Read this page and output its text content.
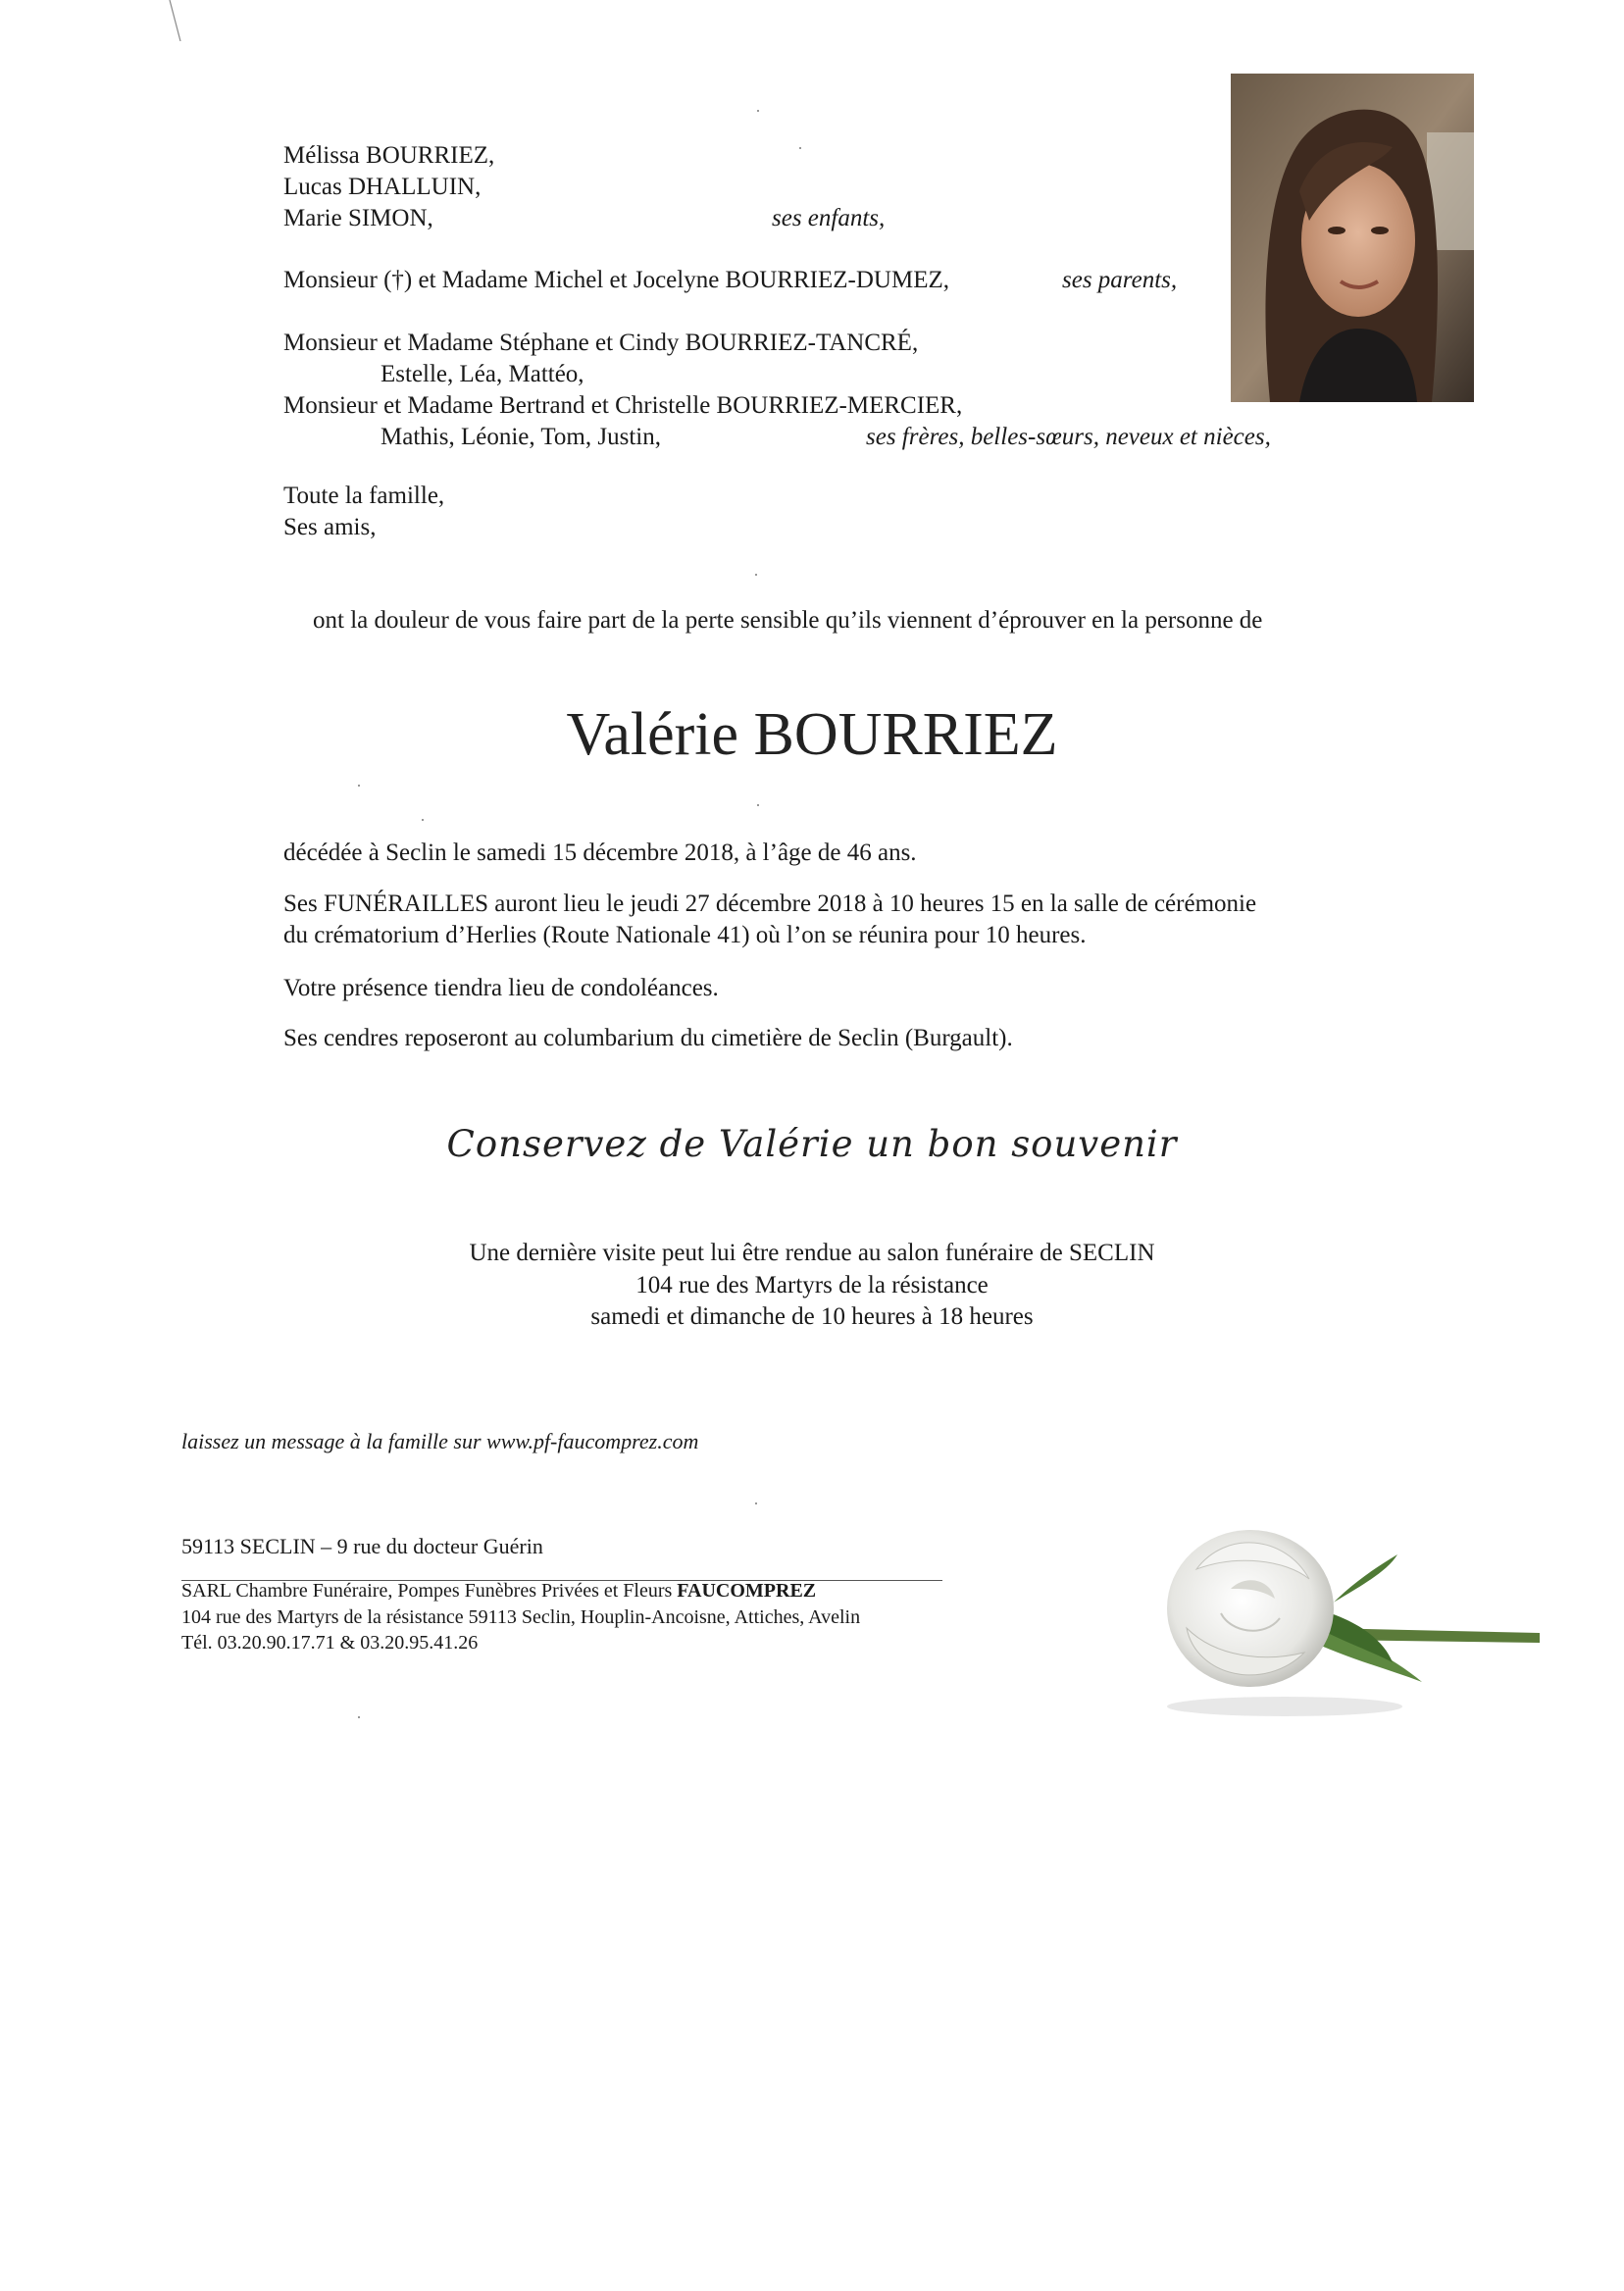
Mélissa BOURRIEZ,
Lucas DHALLUIN,
Marie SIMON,	ses enfants,
Monsieur (†) et Madame Michel et Jocelyne BOURRIEZ-DUMEZ,	ses parents,
Monsieur et Madame Stéphane et Cindy BOURRIEZ-TANCRÉ,
Estelle, Léa, Mattéo,
Monsieur et Madame Bertrand et Christelle BOURRIEZ-MERCIER,
Mathis, Léonie, Tom, Justin,	ses frères, belles-sœurs, neveux et nièces,
Toute la famille,
Ses amis,
ont la douleur de vous faire part de la perte sensible qu’ils viennent d’éprouver en la personne de
Valérie BOURRIEZ
décédée à Seclin le samedi 15 décembre 2018, à l’âge de 46 ans.
Ses FUNÉRAILLES auront lieu le jeudi 27 décembre 2018 à 10 heures 15 en la salle de cérémonie
du crématorium d’Herlies (Route Nationale 41) où l’on se réunira pour 10 heures.
Votre présence tiendra lieu de condoléances.
Ses cendres reposeront au columbarium du cimetière de Seclin (Burgault).
Conservez de Valérie un bon souvenir
Une dernière visite peut lui être rendue au salon funéraire de SECLIN
104 rue des Martyrs de la résistance
samedi et dimanche de 10 heures à 18 heures
laissez un message à la famille sur www.pf-faucomprez.com
59113 SECLIN – 9 rue du docteur Guérin
SARL Chambre Funéraire, Pompes Funèbres Privées et Fleurs FAUCOMPREZ
104 rue des Martyrs de la résistance 59113 Seclin, Houplin-Ancoisne, Attiches, Avelin
Tél. 03.20.90.17.71 & 03.20.95.41.26
